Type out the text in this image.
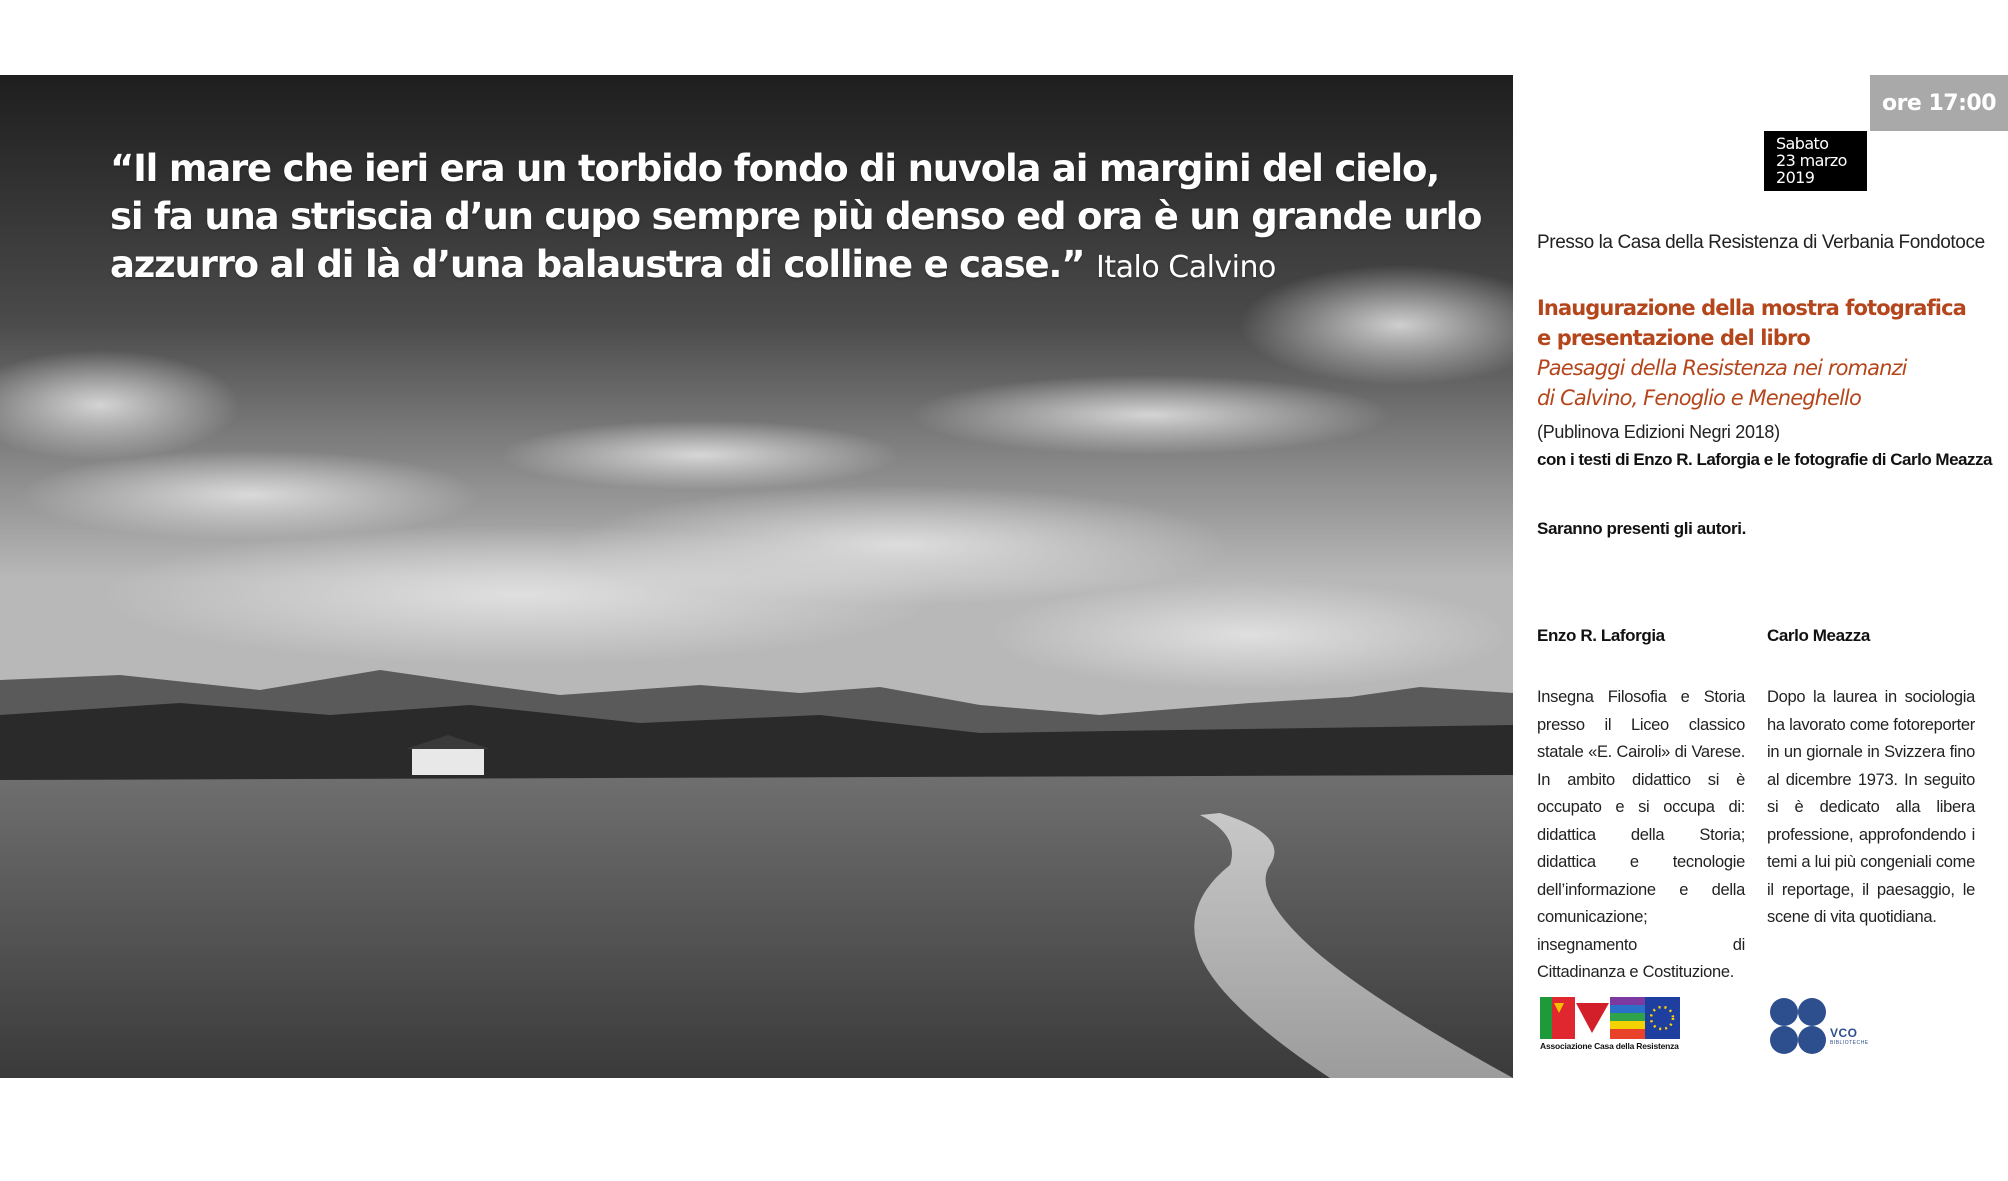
“Il mare che ieri era un torbido fondo di nuvola ai margini del cielo,
si fa una striscia d’un cupo sempre più denso ed ora è un grande urlo
azzurro al di là d’una balaustra di colline e case.” Italo Calvino
ore 17:00
Sabato
23 marzo
2019
Presso la Casa della Resistenza di Verbania Fondotoce
Inaugurazione della mostra fotografica
e presentazione del libro
Paesaggi della Resistenza nei romanzi
di Calvino, Fenoglio e Meneghello
(Publinova Edizioni Negri 2018)
con i testi di Enzo R. Laforgia e le fotografie di Carlo Meazza
Saranno presenti gli autori.
Enzo R. Laforgia

Insegna Filosofia e Storia presso il Liceo classico statale «E. Cairoli» di Varese. In ambito didattico si è occupato e si occupa di: didattica della Storia; didattica e tecnologie dell’informazione e della comunicazione; insegnamento di Cittadinanza e Costituzione.

Carlo Meazza

Dopo la laurea in sociologia ha lavorato come fotoreporter in un giornale in Svizzera fino al dicembre 1973. In seguito si è dedicato alla libera professione, approfondendo i temi a lui più congeniali come il reportage, il paesaggio, le scene di vita quotidiana.

Associazione Casa della Resistenza
VCO
BIBLIOTECHE
